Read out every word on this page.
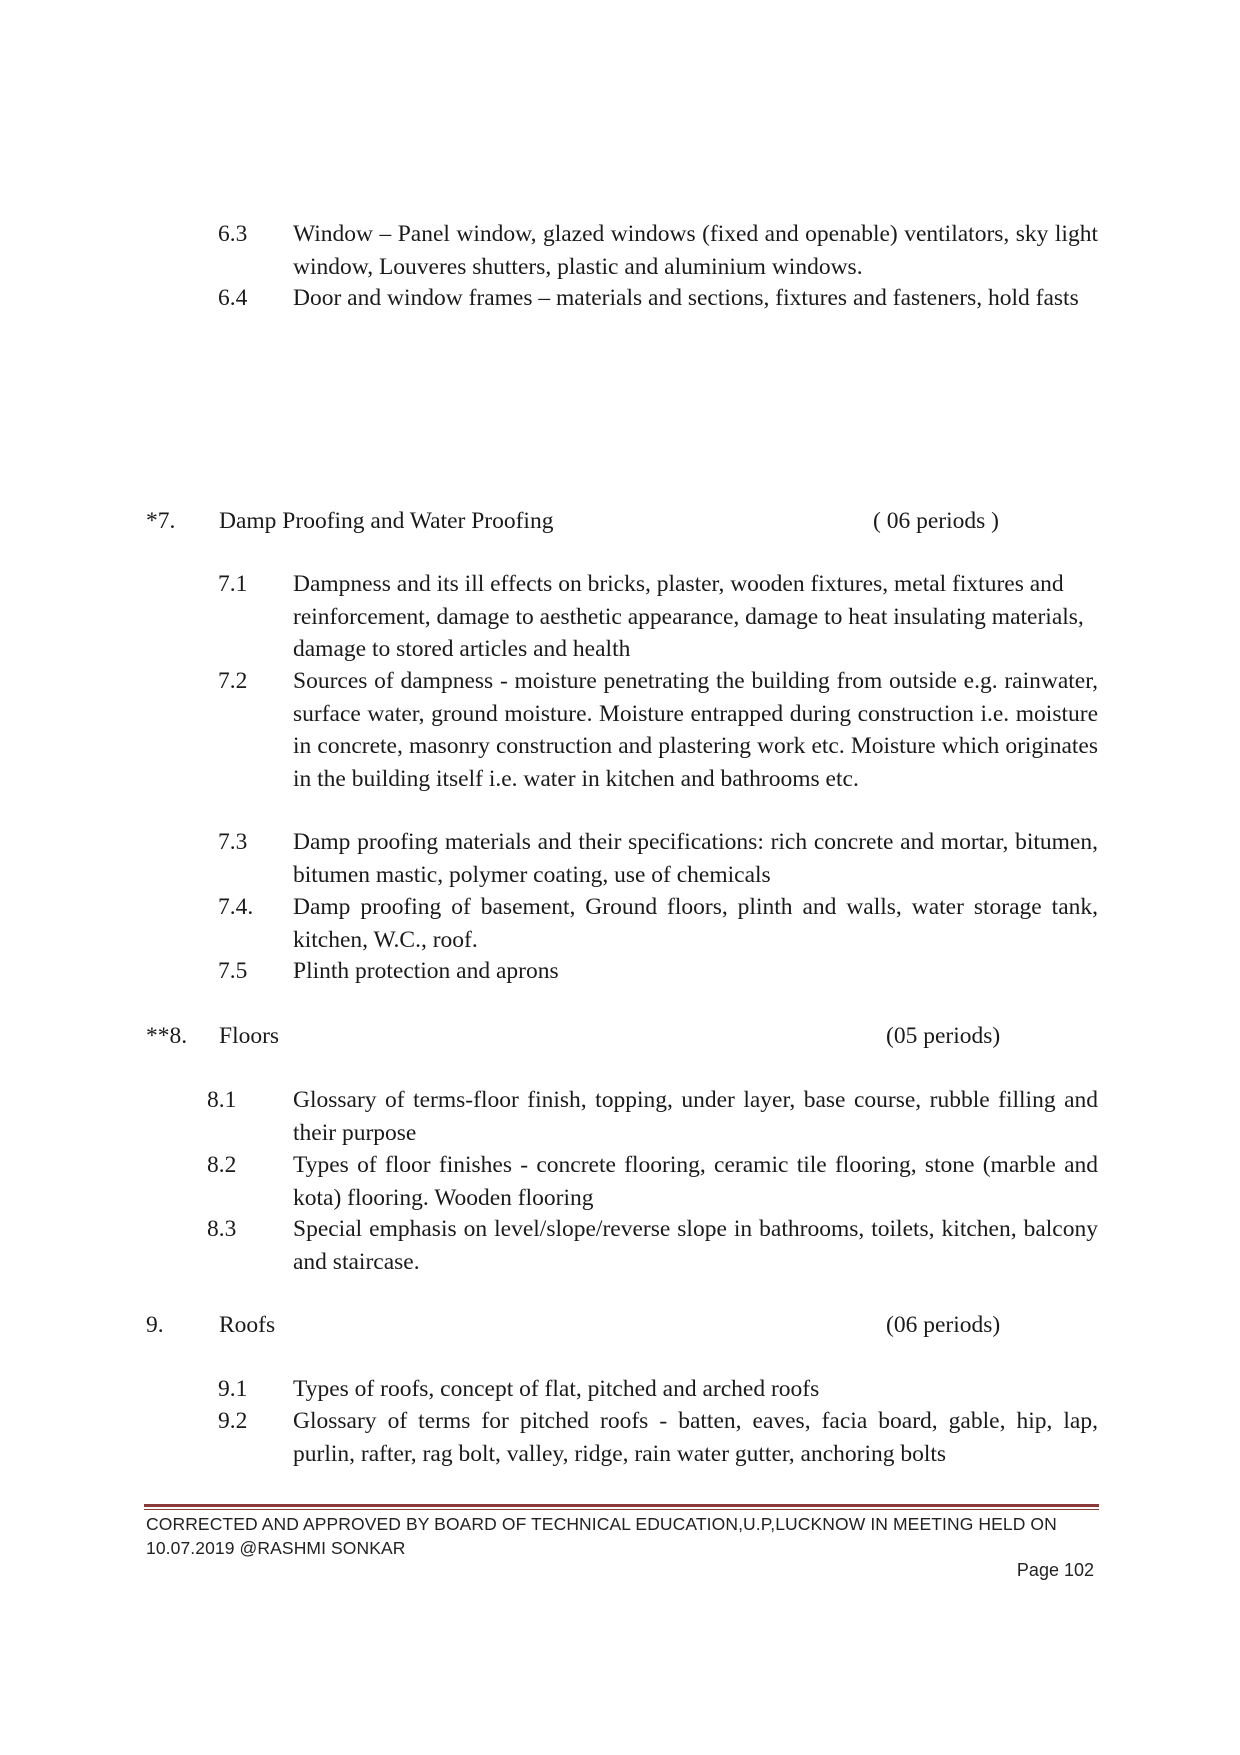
6.3 Window – Panel window, glazed windows (fixed and openable) ventilators, sky light window, Louveres shutters, plastic and aluminium windows.
6.4 Door and window frames – materials and sections, fixtures and fasteners, hold fasts
*7. Damp Proofing and Water Proofing	( 06 periods )
7.1 Dampness and its ill effects on bricks, plaster, wooden fixtures, metal fixtures and reinforcement, damage to aesthetic appearance, damage to heat insulating materials, damage to stored articles and health
7.2 Sources of dampness - moisture penetrating the building from outside e.g. rainwater, surface water, ground moisture. Moisture entrapped during construction i.e. moisture in concrete, masonry construction and plastering work etc. Moisture which originates in the building itself i.e. water in kitchen and bathrooms etc.
7.3 Damp proofing materials and their specifications: rich concrete and mortar, bitumen, bitumen mastic, polymer coating, use of chemicals
7.4. Damp proofing of basement, Ground floors, plinth and walls, water storage tank, kitchen, W.C., roof.
7.5 Plinth protection and aprons
**8. Floors	(05 periods)
8.1 Glossary of terms-floor finish, topping, under layer, base course, rubble filling and their purpose
8.2 Types of floor finishes - concrete flooring, ceramic tile flooring, stone (marble and kota) flooring. Wooden flooring
8.3 Special emphasis on level/slope/reverse slope in bathrooms, toilets, kitchen, balcony and staircase.
9. Roofs	(06 periods)
9.1 Types of roofs, concept of flat, pitched and arched roofs
9.2 Glossary of terms for pitched roofs - batten, eaves, facia board, gable, hip, lap, purlin, rafter, rag bolt, valley, ridge, rain water gutter, anchoring bolts
CORRECTED AND APPROVED BY BOARD OF TECHNICAL EDUCATION,U.P,LUCKNOW IN MEETING HELD ON
10.07.2019 @RASHMI SONKAR
Page 102
